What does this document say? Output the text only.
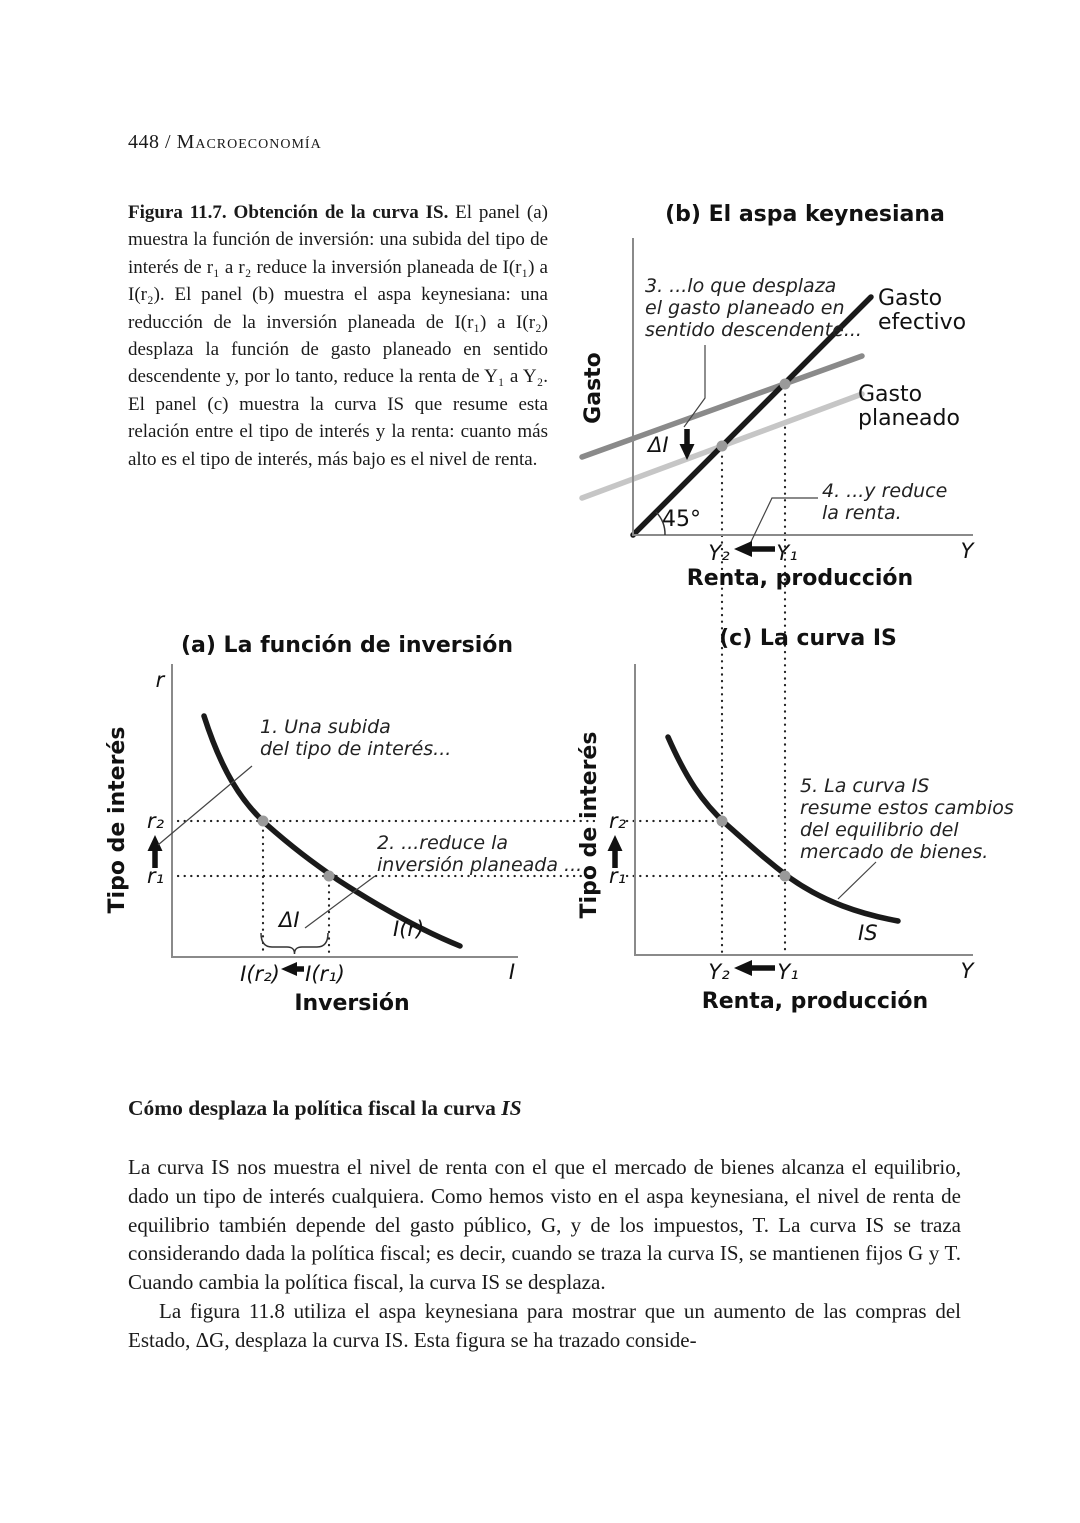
448 / Macroeconomía
Figura 11.7. Obtención de la curva IS. El panel (a) muestra la función de inversión: una subida del tipo de interés de r₁ a r₂ reduce la inversión planeada de I(r₁) a I(r₂). El panel (b) muestra el aspa keynesiana: una reducción de la inversión planeada de I(r₁) a I(r₂) desplaza la función de gasto planeado en sentido descendente y, por lo tanto, reduce la renta de Y₁ a Y₂. El panel (c) muestra la curva IS que resume esta relación entre el tipo de interés y la renta: cuanto más alto es el tipo de interés, más bajo es el nivel de renta.
(b) El aspa keynesiana
Gasto
Gasto
efectivo
Gasto
planeado
3. ...lo que desplaza
el gasto planeado en
sentido descendente...
ΔI
45°
4. ...y reduce
la renta.
Y₂ Y₁	Y
Renta, producción
(a) La función de inversión
r
Tipo de interés r₂
r₁
1. Una subida
del tipo de interés...
2. ...reduce la
inversión planeada ...
ΔI	I(r)
I(r₂) I(r₁)	I
Inversión
(c) La curva IS
Tipo de interés r₂
r₁
5. La curva IS
resume estos cambios
del equilibrio del
mercado de bienes.
IS
Y₂ Y₁	Y
Renta, producción
Cómo desplaza la política fiscal la curva IS

La curva IS nos muestra el nivel de renta con el que el mercado de bienes alcanza el equilibrio, dado un tipo de interés cualquiera. Como hemos visto en el aspa keynesiana, el nivel de renta de equilibrio también depende del gasto público, G, y de los impuestos, T. La curva IS se traza considerando dada la política fiscal; es decir, cuando se traza la curva IS, se mantienen fijos G y T. Cuando cambia la política fiscal, la curva IS se desplaza.

La figura 11.8 utiliza el aspa keynesiana para mostrar que un aumento de las compras del Estado, ΔG, desplaza la curva IS. Esta figura se ha trazado conside-
